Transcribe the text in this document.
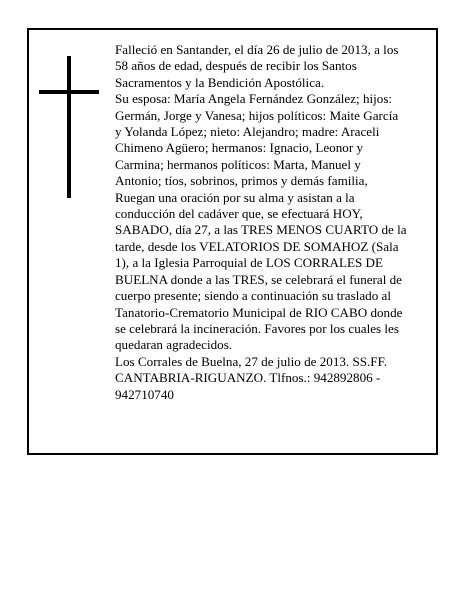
Falleció en Santander, el día 26 de julio de 2013, a los
58 años de edad, después de recibir los Santos
Sacramentos y la Bendición Apostólica.

Su esposa: María Angela Fernández González; hijos:
Germán, Jorge y Vanesa; hijos políticos: Maite García
y Yolanda López; nieto: Alejandro; madre: Araceli
Chimeno Agüero; hermanos: Ignacio, Leonor y
Carmina; hermanos políticos: Marta, Manuel y
Antonio; tíos, sobrinos, primos y demás familia,

Ruegan una oración por su alma y asistan a la
conducción del cadáver que, se efectuará HOY,
SABADO, día 27, a las TRES MENOS CUARTO de la
tarde, desde los VELATORIOS DE SOMAHOZ (Sala
1), a la Iglesia Parroquial de LOS CORRALES DE
BUELNA donde a las TRES, se celebrará el funeral de
cuerpo presente; siendo a continuación su traslado al
Tanatorio-Crematorio Municipal de RIO CABO donde
se celebrará la incineración. Favores por los cuales les
quedaran agradecidos.

Los Corrales de Buelna, 27 de julio de 2013. SS.FF.
CANTABRIA-RIGUANZO. Tlfnos.: 942892806 -
942710740
